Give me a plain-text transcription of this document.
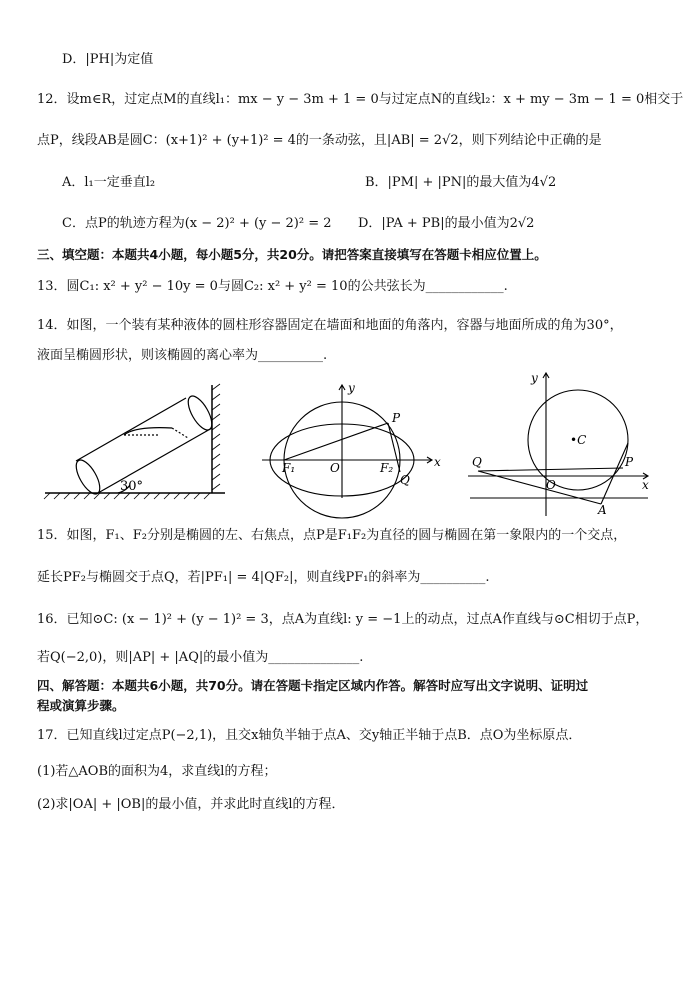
D．|PH|为定值
12．设m∈R，过定点M的直线l₁：mx − y − 3m + 1 = 0与过定点N的直线l₂：x + my − 3m − 1 = 0相交于
点P，线段AB是圆C：(x+1)² + (y+1)² = 4的一条动弦，且|AB| = 2√2，则下列结论中正确的是
A．l₁一定垂直l₂	B．|PM| + |PN|的最大值为4√2
C．点P的轨迹方程为(x − 2)² + (y − 2)² = 2 D．|PA + PB|的最小值为2√2
三、填空题：本题共4小题，每小题5分，共20分。请把答案直接填写在答题卡相应位置上。
13．圆C₁: x² + y² − 10y = 0与圆C₂: x² + y² = 10的公共弦长为____________.
14．如图，一个装有某种液体的圆柱形容器固定在墙面和地面的角落内，容器与地面所成的角为30°，
液面呈椭圆形状，则该椭圆的离心率为__________.
30°
y
x
P
F₁	O	F₂
Q
y
•C
Q	P
O	x
A
15．如图，F₁、F₂分别是椭圆的左、右焦点，点P是F₁F₂为直径的圆与椭圆在第一象限内的一个交点，
延长PF₂与椭圆交于点Q，若|PF₁| = 4|QF₂|，则直线PF₁的斜率为__________.
16．已知⊙C: (x − 1)² + (y − 1)² = 3，点A为直线l: y = −1上的动点，过点A作直线与⊙C相切于点P，
若Q(−2,0)，则|AP| + |AQ|的最小值为______________.
四、解答题：本题共6小题，共70分。请在答题卡指定区域内作答。解答时应写出文字说明、证明过
程或演算步骤。
17．已知直线l过定点P(−2,1)，且交x轴负半轴于点A、交y轴正半轴于点B．点O为坐标原点．
(1)若△AOB的面积为4，求直线l的方程；
(2)求|OA| + |OB|的最小值，并求此时直线l的方程．
